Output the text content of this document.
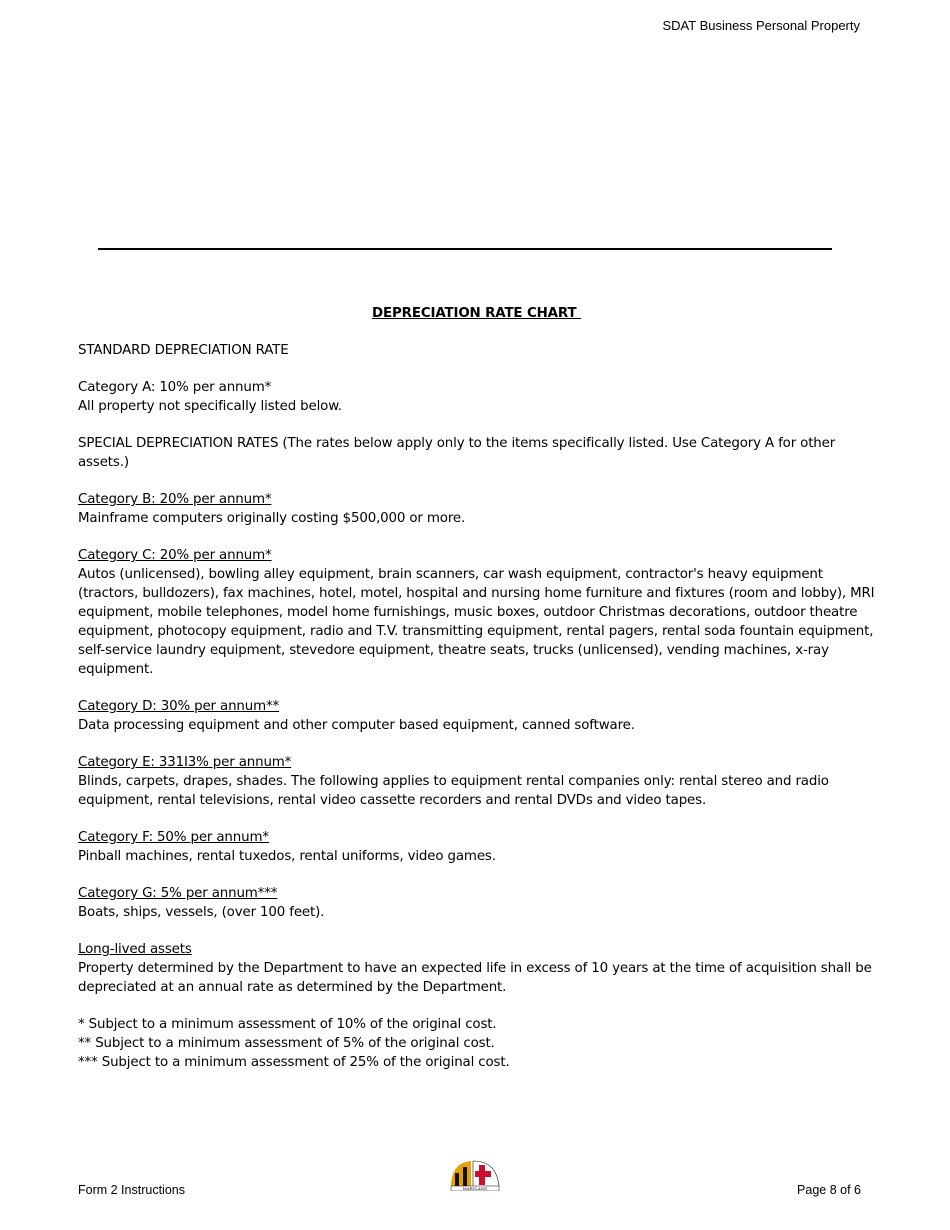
SDAT Business Personal Property

DEPRECIATION RATE CHART

STANDARD DEPRECIATION RATE

Category A: 10% per annum*

All property not specifically listed below.

SPECIAL DEPRECIATION RATES (The rates below apply only to the items specifically listed. Use Category A for other assets.)

Category B: 20% per annum*

Mainframe computers originally costing $500,000 or more.

Category C: 20% per annum*

Autos (unlicensed), bowling alley equipment, brain scanners, car wash equipment, contractor's heavy equipment (tractors, bulldozers), fax machines, hotel, motel, hospital and nursing home furniture and fixtures (room and lobby), MRI equipment, mobile telephones, model home furnishings, music boxes, outdoor Christmas decorations, outdoor theatre equipment, photocopy equipment, radio and T.V. transmitting equipment, rental pagers, rental soda fountain equipment, self-service laundry equipment, stevedore equipment, theatre seats, trucks (unlicensed), vending machines, x-ray equipment.

Category D: 30% per annum**

Data processing equipment and other computer based equipment, canned software.

Category E: 331I3% per annum*

Blinds, carpets, drapes, shades. The following applies to equipment rental companies only: rental stereo and radio equipment, rental televisions, rental video cassette recorders and rental DVDs and video tapes.

Category F: 50% per annum*

Pinball machines, rental tuxedos, rental uniforms, video games.

Category G: 5% per annum***

Boats, ships, vessels, (over 100 feet).

Long-lived assets

Property determined by the Department to have an expected life in excess of 10 years at the time of acquisition shall be depreciated at an annual rate as determined by the Department.

* Subject to a minimum assessment of 10% of the original cost.

** Subject to a minimum assessment of 5% of the original cost.

*** Subject to a minimum assessment of 25% of the original cost.

Form 2 Instructions	MARYLAND	Page 8 of 6
